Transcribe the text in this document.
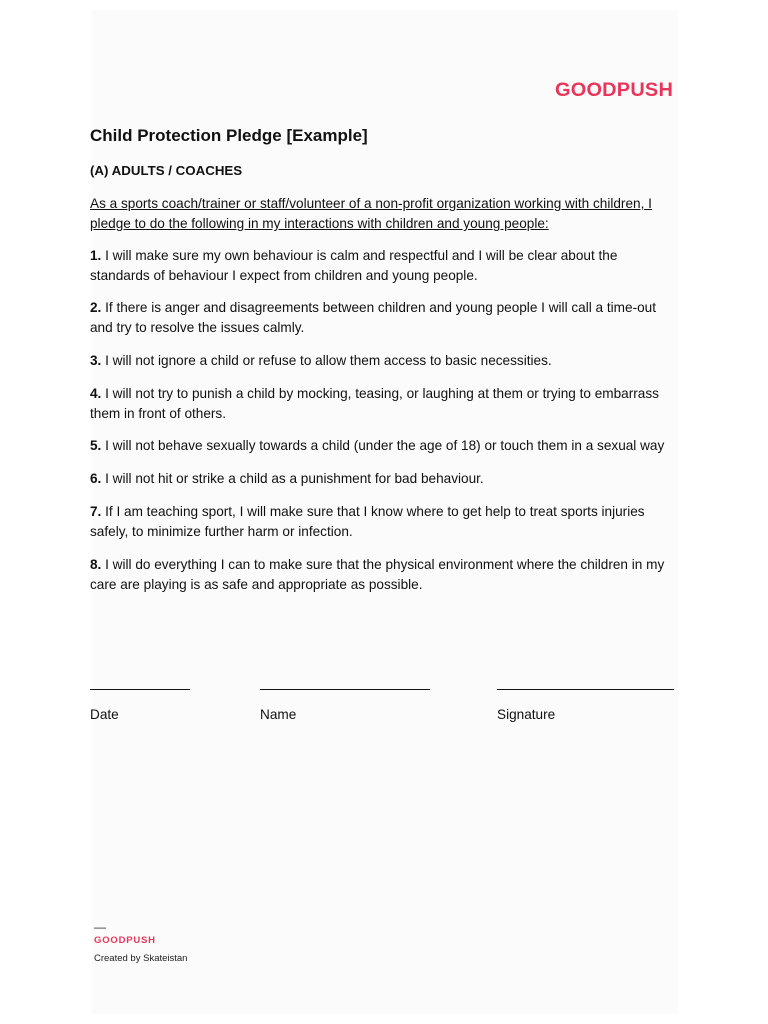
GOODPUSH
Child Protection Pledge [Example]
(A) ADULTS / COACHES
As a sports coach/trainer or staff/volunteer of a non-profit organization working with children, I pledge to do the following in my interactions with children and young people:
1. I will make sure my own behaviour is calm and respectful and I will be clear about the standards of behaviour I expect from children and young people.
2. If there is anger and disagreements between children and young people I will call a time-out and try to resolve the issues calmly.
3. I will not ignore a child or refuse to allow them access to basic necessities.
4. I will not try to punish a child by mocking, teasing, or laughing at them or trying to embarrass them in front of others.
5. I will not behave sexually towards a child (under the age of 18) or touch them in a sexual way
6. I will not hit or strike a child as a punishment for bad behaviour.
7. If I am teaching sport, I will make sure that I know where to get help to treat sports injuries safely, to minimize further harm or infection.
8. I will do everything I can to make sure that the physical environment where the children in my care are playing is as safe and appropriate as possible.
Date	Name	Signature
—
GOODPUSH
Created by Skateistan
